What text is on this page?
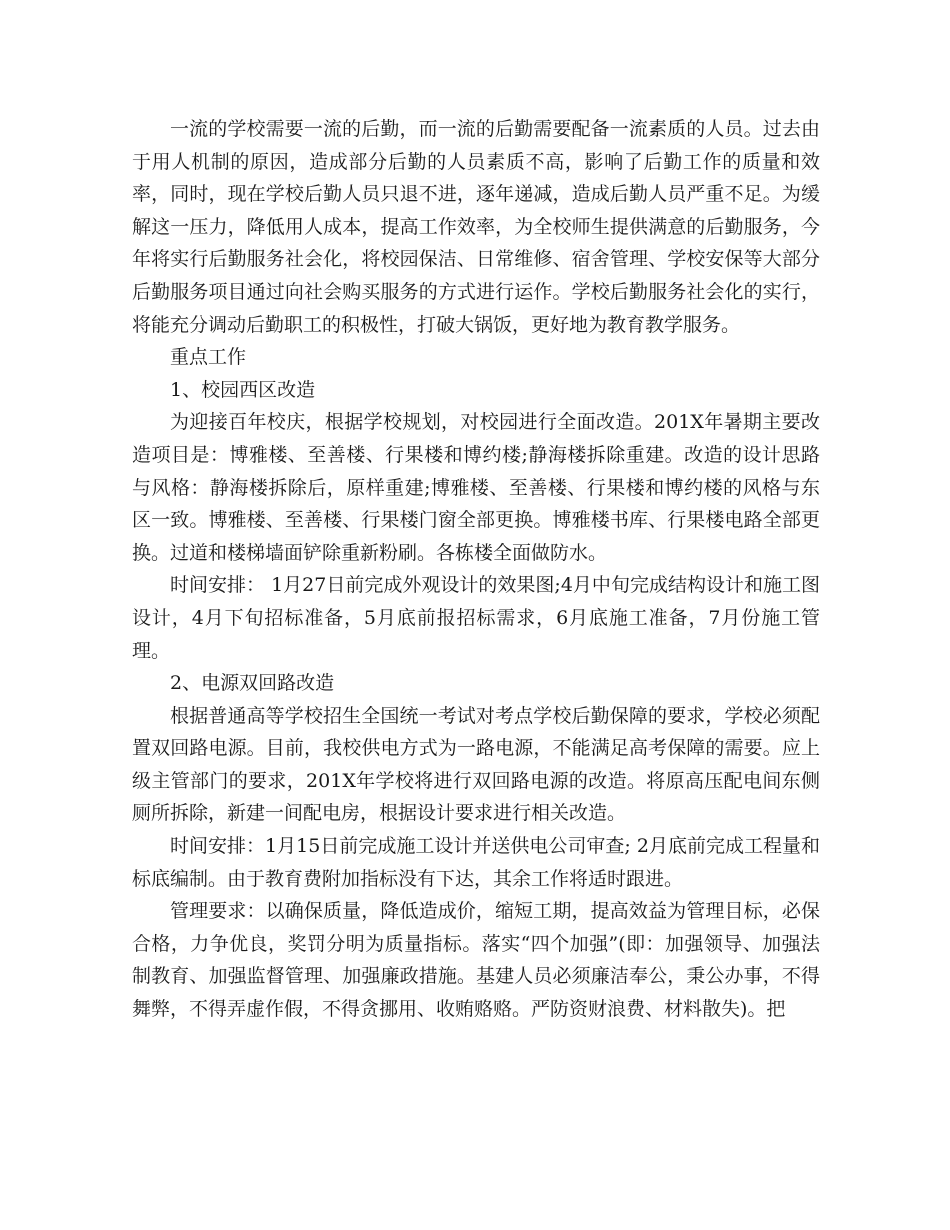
一流的学校需要一流的后勤，而一流的后勤需要配备一流素质的人员。过去由于用人机制的原因，造成部分后勤的人员素质不高，影响了后勤工作的质量和效率，同时，现在学校后勤人员只退不进，逐年递减，造成后勤人员严重不足。为缓解这一压力，降低用人成本，提高工作效率，为全校师生提供满意的后勤服务，今年将实行后勤服务社会化，将校园保洁、日常维修、宿舍管理、学校安保等大部分后勤服务项目通过向社会购买服务的方式进行运作。学校后勤服务社会化的实行，将能充分调动后勤职工的积极性，打破大锅饭，更好地为教育教学服务。

重点工作

1、校园西区改造

为迎接百年校庆，根据学校规划，对校园进行全面改造。201X年暑期主要改造项目是：博雅楼、至善楼、行果楼和博约楼;静海楼拆除重建。改造的设计思路与风格：静海楼拆除后，原样重建;博雅楼、至善楼、行果楼和博约楼的风格与东区一致。博雅楼、至善楼、行果楼门窗全部更换。博雅楼书库、行果楼电路全部更换。过道和楼梯墙面铲除重新粉刷。各栋楼全面做防水。

时间安排： 1月27日前完成外观设计的效果图;4月中旬完成结构设计和施工图设计，4月下旬招标准备，5月底前报招标需求，6月底施工准备，7月份施工管理。

2、电源双回路改造

根据普通高等学校招生全国统一考试对考点学校后勤保障的要求，学校必须配置双回路电源。目前，我校供电方式为一路电源，不能满足高考保障的需要。应上级主管部门的要求，201X年学校将进行双回路电源的改造。将原高压配电间东侧厕所拆除，新建一间配电房，根据设计要求进行相关改造。

时间安排：1月15日前完成施工设计并送供电公司审查; 2月底前完成工程量和标底编制。由于教育费附加指标没有下达，其余工作将适时跟进。

管理要求：以确保质量，降低造成价，缩短工期，提高效益为管理目标，必保合格，力争优良，奖罚分明为质量指标。落实“四个加强”(即：加强领导、加强法制教育、加强监督管理、加强廉政措施。基建人员必须廉洁奉公，秉公办事，不得舞弊，不得弄虚作假，不得贪挪用、收贿赂赂。严防资财浪费、材料散失)。把
